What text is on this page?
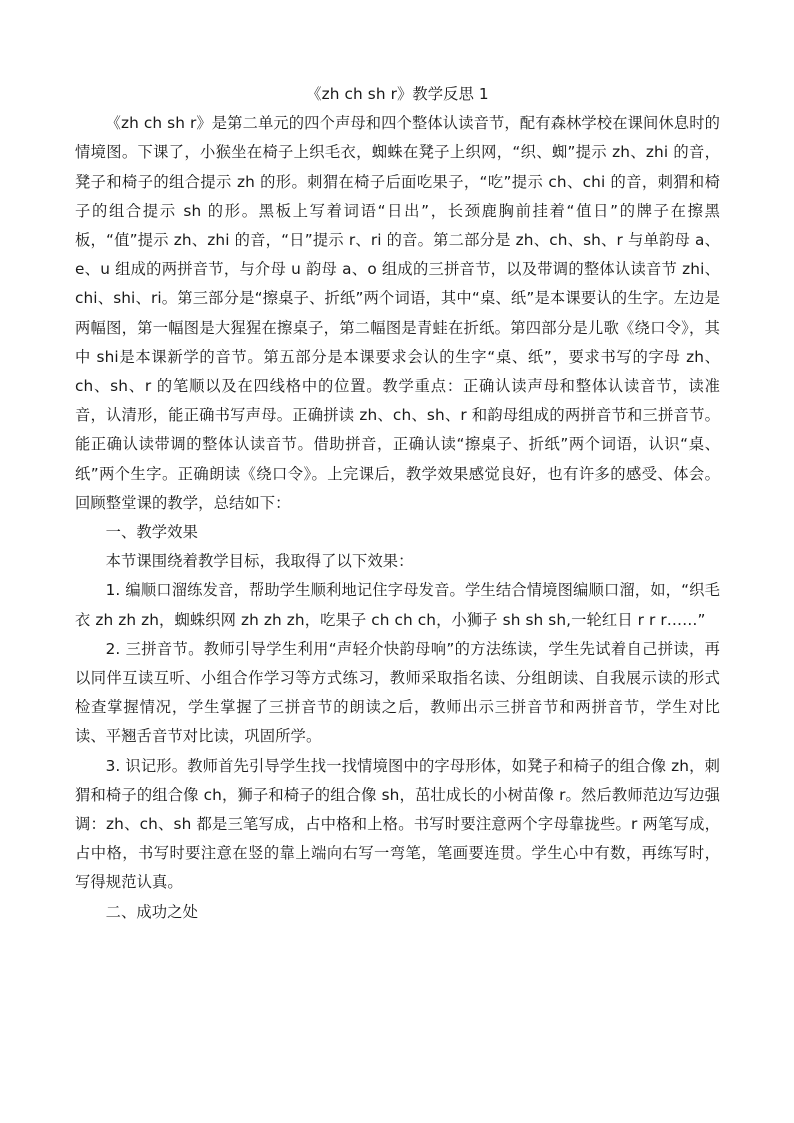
《zh ch sh r》教学反思 1

《zh ch sh r》是第二单元的四个声母和四个整体认读音节，配有森林学校在课间休息时的情境图。下课了，小猴坐在椅子上织毛衣，蜘蛛在凳子上织网，“织、蜘”提示 zh、zhi 的音，凳子和椅子的组合提示 zh 的形。刺猬在椅子后面吃果子，“吃”提示 ch、chi 的音，刺猬和椅子的组合提示 sh 的形。黑板上写着词语“日出”，长颈鹿胸前挂着“值日”的牌子在擦黑板，“值”提示 zh、zhi 的音，“日”提示 r、ri 的音。第二部分是 zh、ch、sh、r 与单韵母 a、e、u 组成的两拼音节，与介母 u 韵母 a、o 组成的三拼音节，以及带调的整体认读音节 zhi、chi、shi、ri。第三部分是“擦桌子、折纸”两个词语，其中“桌、纸”是本课要认的生字。左边是两幅图，第一幅图是大猩猩在擦桌子，第二幅图是青蛙在折纸。第四部分是儿歌《绕口令》，其中 shi是本课新学的音节。第五部分是本课要求会认的生字“桌、纸”，要求书写的字母 zh、ch、sh、r 的笔顺以及在四线格中的位置。教学重点：正确认读声母和整体认读音节，读准音，认清形，能正确书写声母。正确拼读 zh、ch、sh、r 和韵母组成的两拼音节和三拼音节。能正确认读带调的整体认读音节。借助拼音，正确认读“擦桌子、折纸”两个词语，认识“桌、纸”两个生字。正确朗读《绕口令》。上完课后，教学效果感觉良好，也有许多的感受、体会。回顾整堂课的教学，总结如下：

一、教学效果

本节课围绕着教学目标，我取得了以下效果：

1. 编顺口溜练发音，帮助学生顺利地记住字母发音。学生结合情境图编顺口溜，如，“织毛衣 zh zh zh，蜘蛛织网 zh zh zh，吃果子 ch ch ch，小狮子 sh sh sh,一轮红日 r r r……”

2. 三拼音节。教师引导学生利用“声轻介快韵母响”的方法练读，学生先试着自己拼读，再以同伴互读互听、小组合作学习等方式练习，教师采取指名读、分组朗读、自我展示读的形式检查掌握情况，学生掌握了三拼音节的朗读之后，教师出示三拼音节和两拼音节，学生对比读、平翘舌音节对比读，巩固所学。

3. 识记形。教师首先引导学生找一找情境图中的字母形体，如凳子和椅子的组合像 zh，刺猬和椅子的组合像 ch，狮子和椅子的组合像 sh，茁壮成长的小树苗像 r。然后教师范边写边强调：zh、ch、sh 都是三笔写成，占中格和上格。书写时要注意两个字母靠拢些。r 两笔写成，占中格，书写时要注意在竖的靠上端向右写一弯笔，笔画要连贯。学生心中有数，再练写时，写得规范认真。

二、成功之处
